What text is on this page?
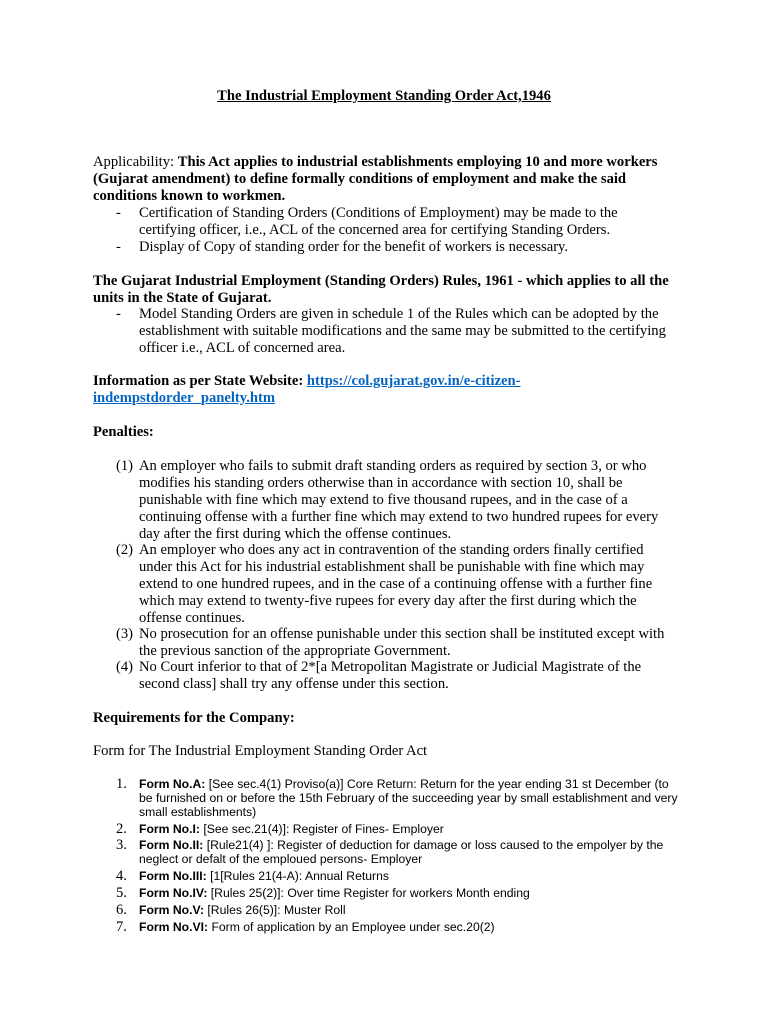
The Industrial Employment Standing Order Act,1946
Applicability: This Act applies to industrial establishments employing 10 and more workers (Gujarat amendment) to define formally conditions of employment and make the said conditions known to workmen.
- Certification of Standing Orders (Conditions of Employment) may be made to the certifying officer, i.e., ACL of the concerned area for certifying Standing Orders.
- Display of Copy of standing order for the benefit of workers is necessary.
The Gujarat Industrial Employment (Standing Orders) Rules, 1961 - which applies to all the units in the State of Gujarat.
- Model Standing Orders are given in schedule 1 of the Rules which can be adopted by the establishment with suitable modifications and the same may be submitted to the certifying officer i.e., ACL of concerned area.
Information as per State Website: https://col.gujarat.gov.in/e-citizen-indempstdorder_panelty.htm
Penalties:
(1) An employer who fails to submit draft standing orders as required by section 3, or who modifies his standing orders otherwise than in accordance with section 10, shall be punishable with fine which may extend to five thousand rupees, and in the case of a continuing offense with a further fine which may extend to two hundred rupees for every day after the first during which the offense continues.
(2) An employer who does any act in contravention of the standing orders finally certified under this Act for his industrial establishment shall be punishable with fine which may extend to one hundred rupees, and in the case of a continuing offense with a further fine which may extend to twenty-five rupees for every day after the first during which the offense continues.
(3) No prosecution for an offense punishable under this section shall be instituted except with the previous sanction of the appropriate Government.
(4) No Court inferior to that of 2*[a Metropolitan Magistrate or Judicial Magistrate of the second class] shall try any offense under this section.
Requirements for the Company:
Form for The Industrial Employment Standing Order Act
1. Form No.A: [See sec.4(1) Proviso(a)] Core Return: Return for the year ending 31 st December (to be furnished on or before the 15th February of the succeeding year by small establishment and very small establishments)
2. Form No.I: [See sec.21(4)]: Register of Fines- Employer
3. Form No.II: [Rule21(4) ]: Register of deduction for damage or loss caused to the empolyer by the neglect or defalt of the emploued persons- Employer
4. Form No.III: [1[Rules 21(4-A): Annual Returns
5. Form No.IV: [Rules 25(2)]: Over time Register for workers Month ending
6. Form No.V: [Rules 26(5)]: Muster Roll
7. Form No.VI: Form of application by an Employee under sec.20(2)
